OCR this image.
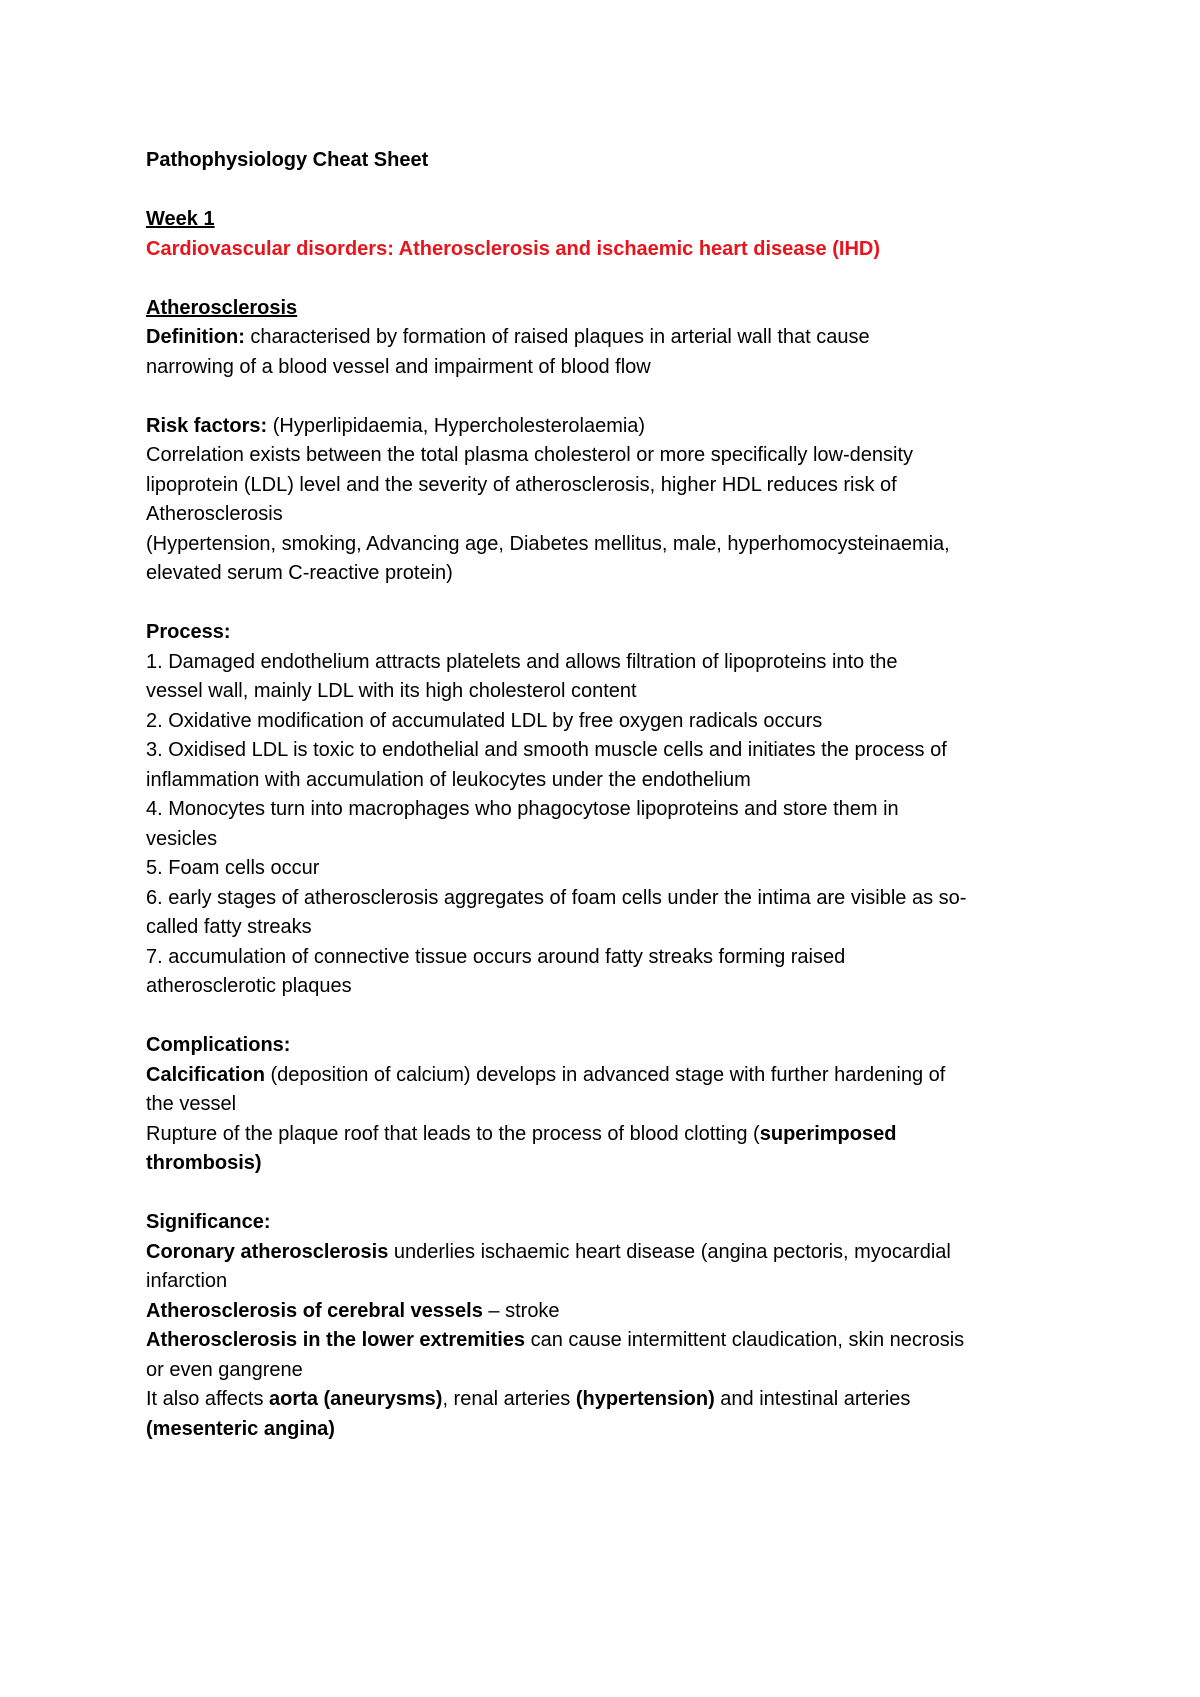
Pathophysiology Cheat Sheet
Week 1
Cardiovascular disorders: Atherosclerosis and ischaemic heart disease (IHD)
Atherosclerosis
Definition: characterised by formation of raised plaques in arterial wall that cause
narrowing of a blood vessel and impairment of blood flow
Risk factors: (Hyperlipidaemia, Hypercholesterolaemia)
Correlation exists between the total plasma cholesterol or more specifically low-density
lipoprotein (LDL) level and the severity of atherosclerosis, higher HDL reduces risk of
Atherosclerosis
(Hypertension, smoking, Advancing age, Diabetes mellitus, male, hyperhomocysteinaemia,
elevated serum C-reactive protein)
Process:
1. Damaged endothelium attracts platelets and allows filtration of lipoproteins into the
vessel wall, mainly LDL with its high cholesterol content
2. Oxidative modification of accumulated LDL by free oxygen radicals occurs
3. Oxidised LDL is toxic to endothelial and smooth muscle cells and initiates the process of
inflammation with accumulation of leukocytes under the endothelium
4. Monocytes turn into macrophages who phagocytose lipoproteins and store them in
vesicles
5. Foam cells occur
6. early stages of atherosclerosis aggregates of foam cells under the intima are visible as so-
called fatty streaks
7. accumulation of connective tissue occurs around fatty streaks forming raised
atherosclerotic plaques
Complications:
Calcification (deposition of calcium) develops in advanced stage with further hardening of
the vessel
Rupture of the plaque roof that leads to the process of blood clotting (superimposed
thrombosis)
Significance:
Coronary atherosclerosis underlies ischaemic heart disease (angina pectoris, myocardial
infarction
Atherosclerosis of cerebral vessels – stroke
Atherosclerosis in the lower extremities can cause intermittent claudication, skin necrosis
or even gangrene
It also affects aorta (aneurysms), renal arteries (hypertension) and intestinal arteries
(mesenteric angina)
